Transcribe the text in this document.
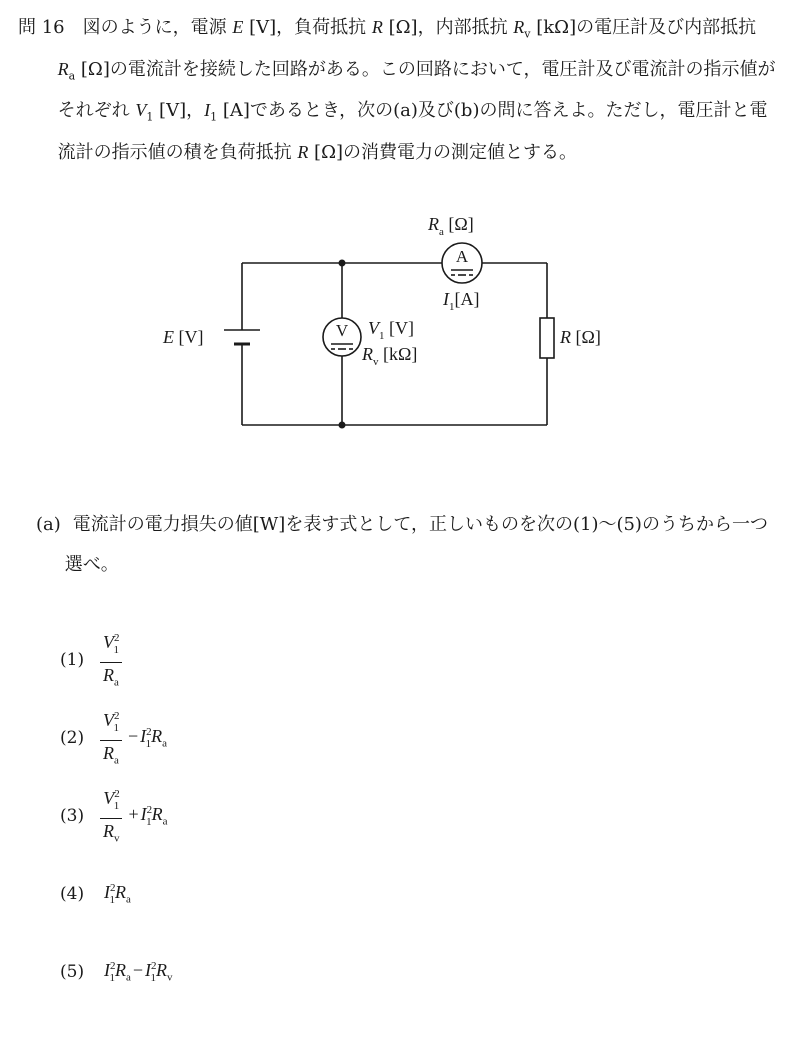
問 16　図のように，電源 E [V]，負荷抵抗 R [Ω]，内部抵抗 $R_v$ [kΩ]の電圧計及び内部抵抗 $R_a$ [Ω]の電流計を接続した回路がある。この回路において，電圧計及び電流計の指示値がそれぞれ $V_1$ [V]，$I_1$ [A]であるとき，次の(a)及び(b)の問に答えよ。ただし，電圧計と電流計の指示値の積を負荷抵抗 R [Ω]の消費電力の測定値とする。
A
V
E [V]
$R_a$ [Ω]
$I_1[A]$
$V_1$ [V]
$R_v$ [kΩ]
R [Ω]
(a) 電流計の電力損失の値[W]を表す式として，正しいものを次の(1)～(5)のうちから一つ選べ。
$(1) \frac{V^2_1}{R_a}$
$(2) \frac{V^2_1}{R_a} - I^2_1R_a$
$(3) \frac{V^2_1}{R_v} + I^2_1R_a$
(4)	$I^2_1R_a$
(5)	$I^2_1R_a - I^2_1R_v$
